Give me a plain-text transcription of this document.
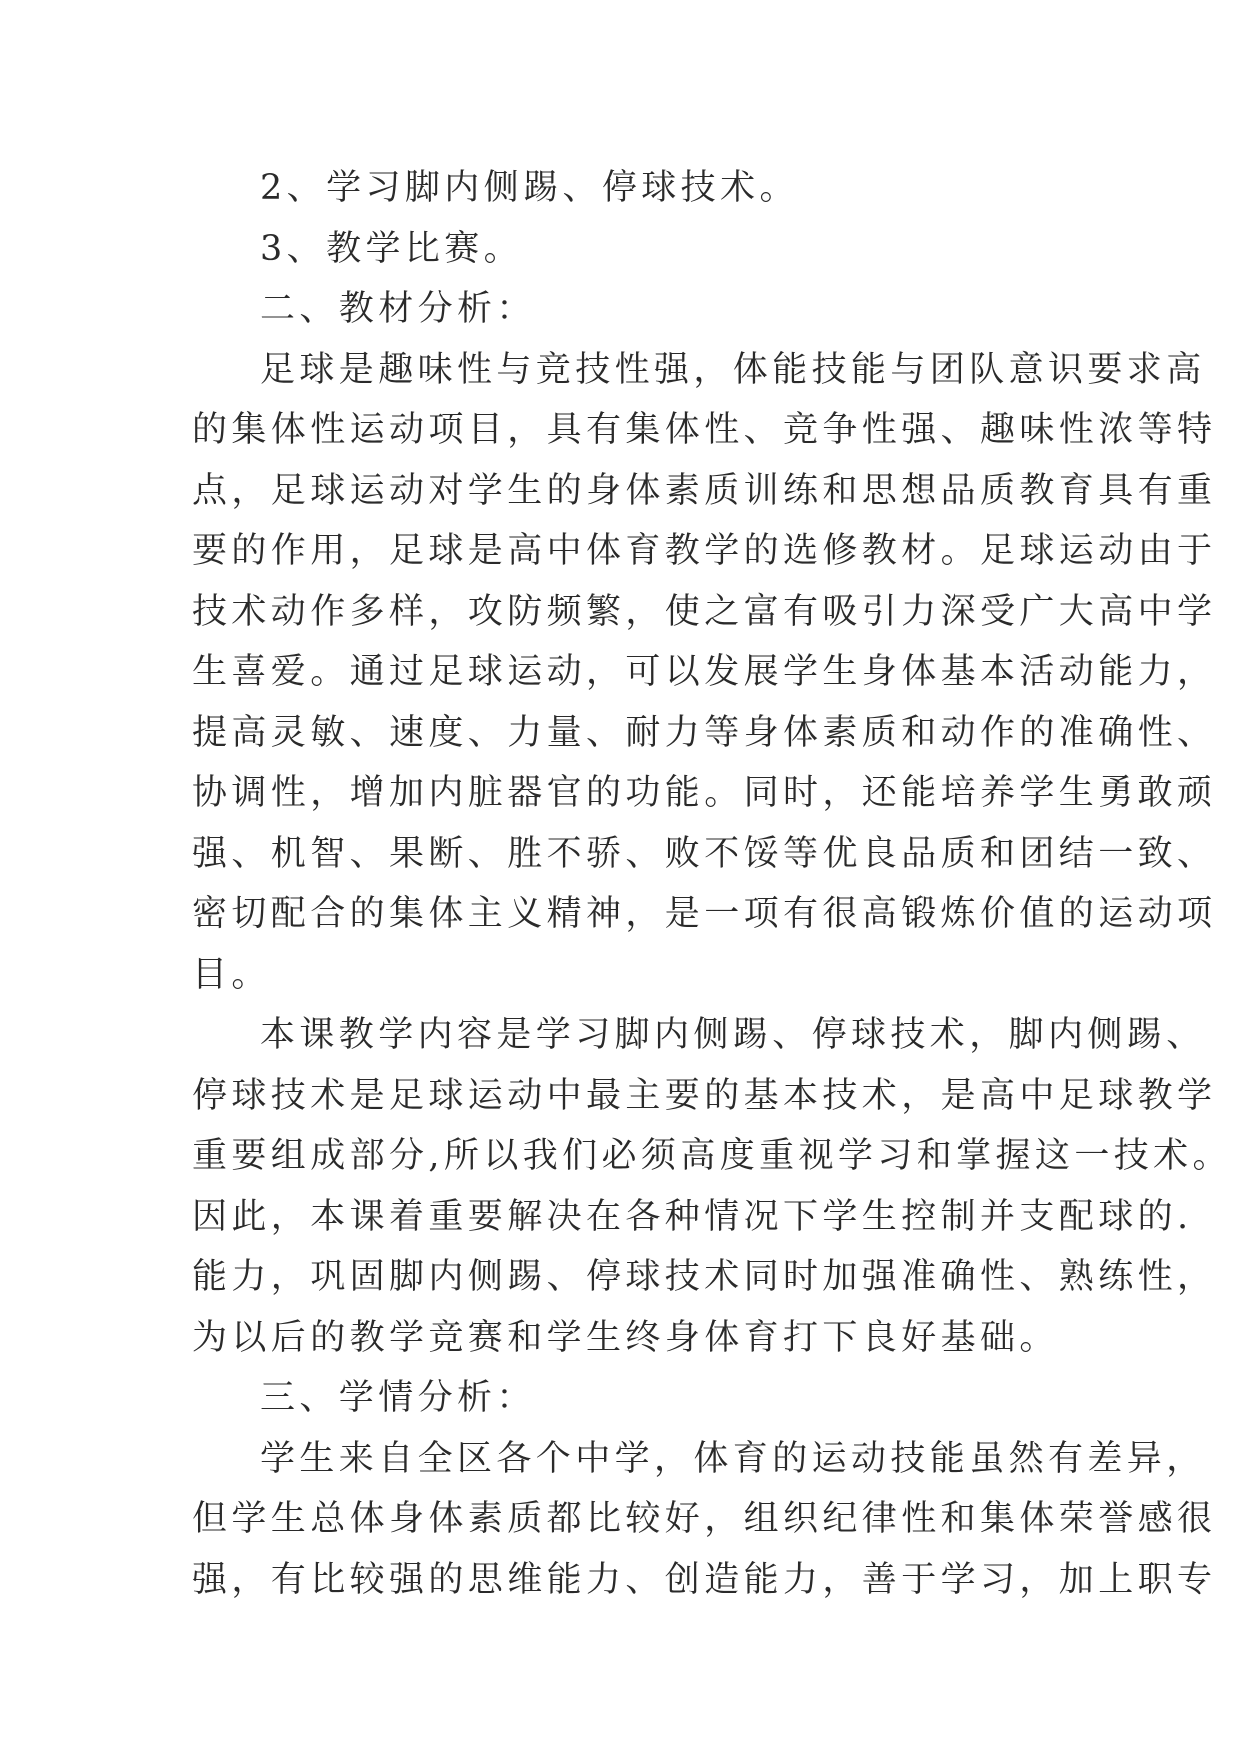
2、学习脚内侧踢、停球技术。
3、教学比赛。
二、教材分析：
足球是趣味性与竞技性强，体能技能与团队意识要求高
的集体性运动项目，具有集体性、竞争性强、趣味性浓等特
点，足球运动对学生的身体素质训练和思想品质教育具有重
要的作用，足球是高中体育教学的选修教材。足球运动由于
技术动作多样，攻防频繁，使之富有吸引力深受广大高中学
生喜爱。通过足球运动，可以发展学生身体基本活动能力，
提高灵敏、速度、力量、耐力等身体素质和动作的准确性、
协调性，增加内脏器官的功能。同时，还能培养学生勇敢顽
强、机智、果断、胜不骄、败不馁等优良品质和团结一致、
密切配合的集体主义精神，是一项有很高锻炼价值的运动项
目。
本课教学内容是学习脚内侧踢、停球技术，脚内侧踢、
停球技术是足球运动中最主要的基本技术，是高中足球教学
重要组成部分,所以我们必须高度重视学习和掌握这一技术。
因此，本课着重要解决在各种情况下学生控制并支配球的.
能力，巩固脚内侧踢、停球技术同时加强准确性、熟练性，
为以后的教学竞赛和学生终身体育打下良好基础。
三、学情分析：
学生来自全区各个中学，体育的运动技能虽然有差异，
但学生总体身体素质都比较好，组织纪律性和集体荣誉感很
强，有比较强的思维能力、创造能力，善于学习，加上职专
